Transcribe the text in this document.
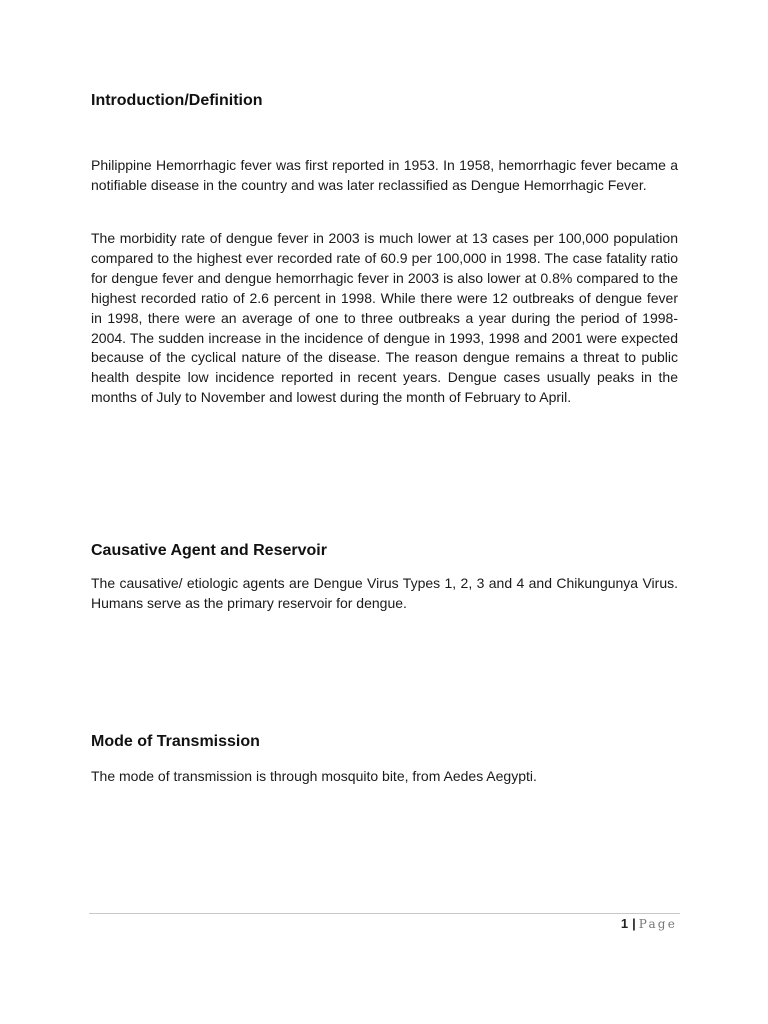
Introduction/Definition

Philippine Hemorrhagic fever was first reported in 1953. In 1958, hemorrhagic fever became a notifiable disease in the country and was later reclassified as Dengue Hemorrhagic Fever.

The morbidity rate of dengue fever in 2003 is much lower at 13 cases per 100,000 population compared to the highest ever recorded rate of 60.9 per 100,000 in 1998. The case fatality ratio for dengue fever and dengue hemorrhagic fever in 2003 is also lower at 0.8% compared to the highest recorded ratio of 2.6 percent in 1998. While there were 12 outbreaks of dengue fever in 1998, there were an average of one to three outbreaks a year during the period of 1998-2004. The sudden increase in the incidence of dengue in 1993, 1998 and 2001 were expected because of the cyclical nature of the disease. The reason dengue remains a threat to public health despite low incidence reported in recent years. Dengue cases usually peaks in the months of July to November and lowest during the month of February to April.

Causative Agent and Reservoir

The causative/ etiologic agents are Dengue Virus Types 1, 2, 3 and 4 and Chikungunya Virus. Humans serve as the primary reservoir for dengue.

Mode of Transmission

The mode of transmission is through mosquito bite, from Aedes Aegypti.

1 | Page
